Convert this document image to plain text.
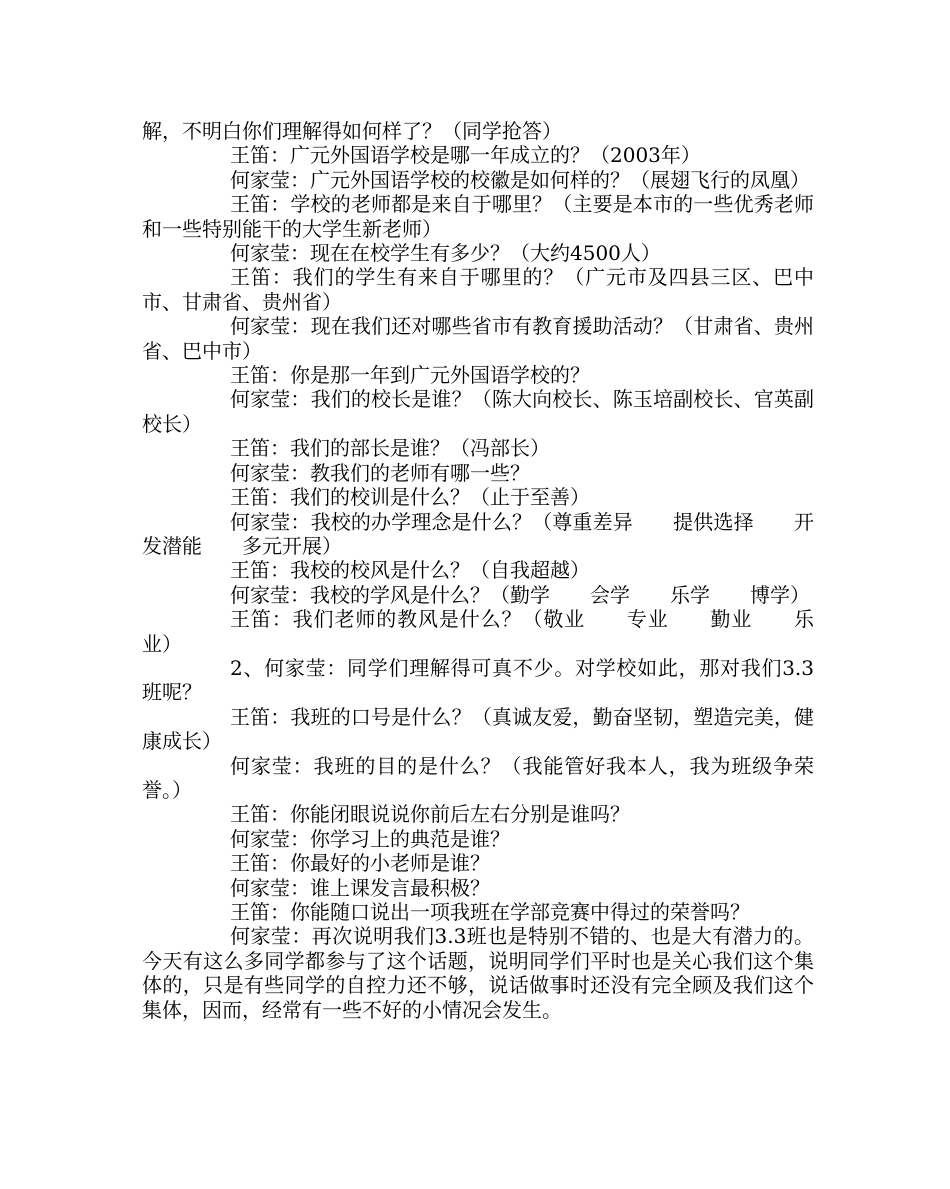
解，不明白你们理解得如何样了？（同学抢答）

王笛：广元外国语学校是哪一年成立的？（2003年）

何家莹：广元外国语学校的校徽是如何样的？（展翅飞行的凤凰）

王笛：学校的老师都是来自于哪里？（主要是本市的一些优秀老师和一些特别能干的大学生新老师）

何家莹：现在在校学生有多少？（大约4500人）

王笛：我们的学生有来自于哪里的？（广元市及四县三区、巴中市、甘肃省、贵州省）

何家莹：现在我们还对哪些省市有教育援助活动？（甘肃省、贵州省、巴中市）

王笛：你是那一年到广元外国语学校的？

何家莹：我们的校长是谁？（陈大向校长、陈玉培副校长、官英副校长）

王笛：我们的部长是谁？（冯部长）

何家莹：教我们的老师有哪一些？

王笛：我们的校训是什么？（止于至善）

何家莹：我校的办学理念是什么？（尊重差异　　提供选择　　开发潜能　　多元开展）

王笛：我校的校风是什么？（自我超越）

何家莹：我校的学风是什么？（勤学　　会学　　乐学　　博学）

王笛：我们老师的教风是什么？（敬业　　专业　　勤业　　乐业）

2、何家莹：同学们理解得可真不少。对学校如此，那对我们3.3班呢？

王笛：我班的口号是什么？（真诚友爱，勤奋坚韧，塑造完美，健康成长）

何家莹：我班的目的是什么？（我能管好我本人，我为班级争荣誉。）

王笛：你能闭眼说说你前后左右分别是谁吗？

何家莹：你学习上的典范是谁？

王笛：你最好的小老师是谁？

何家莹：谁上课发言最积极？

王笛：你能随口说出一项我班在学部竞赛中得过的荣誉吗？

何家莹：再次说明我们3.3班也是特别不错的、也是大有潜力的。今天有这么多同学都参与了这个话题，说明同学们平时也是关心我们这个集体的，只是有些同学的自控力还不够，说话做事时还没有完全顾及我们这个集体，因而，经常有一些不好的小情况会发生。
